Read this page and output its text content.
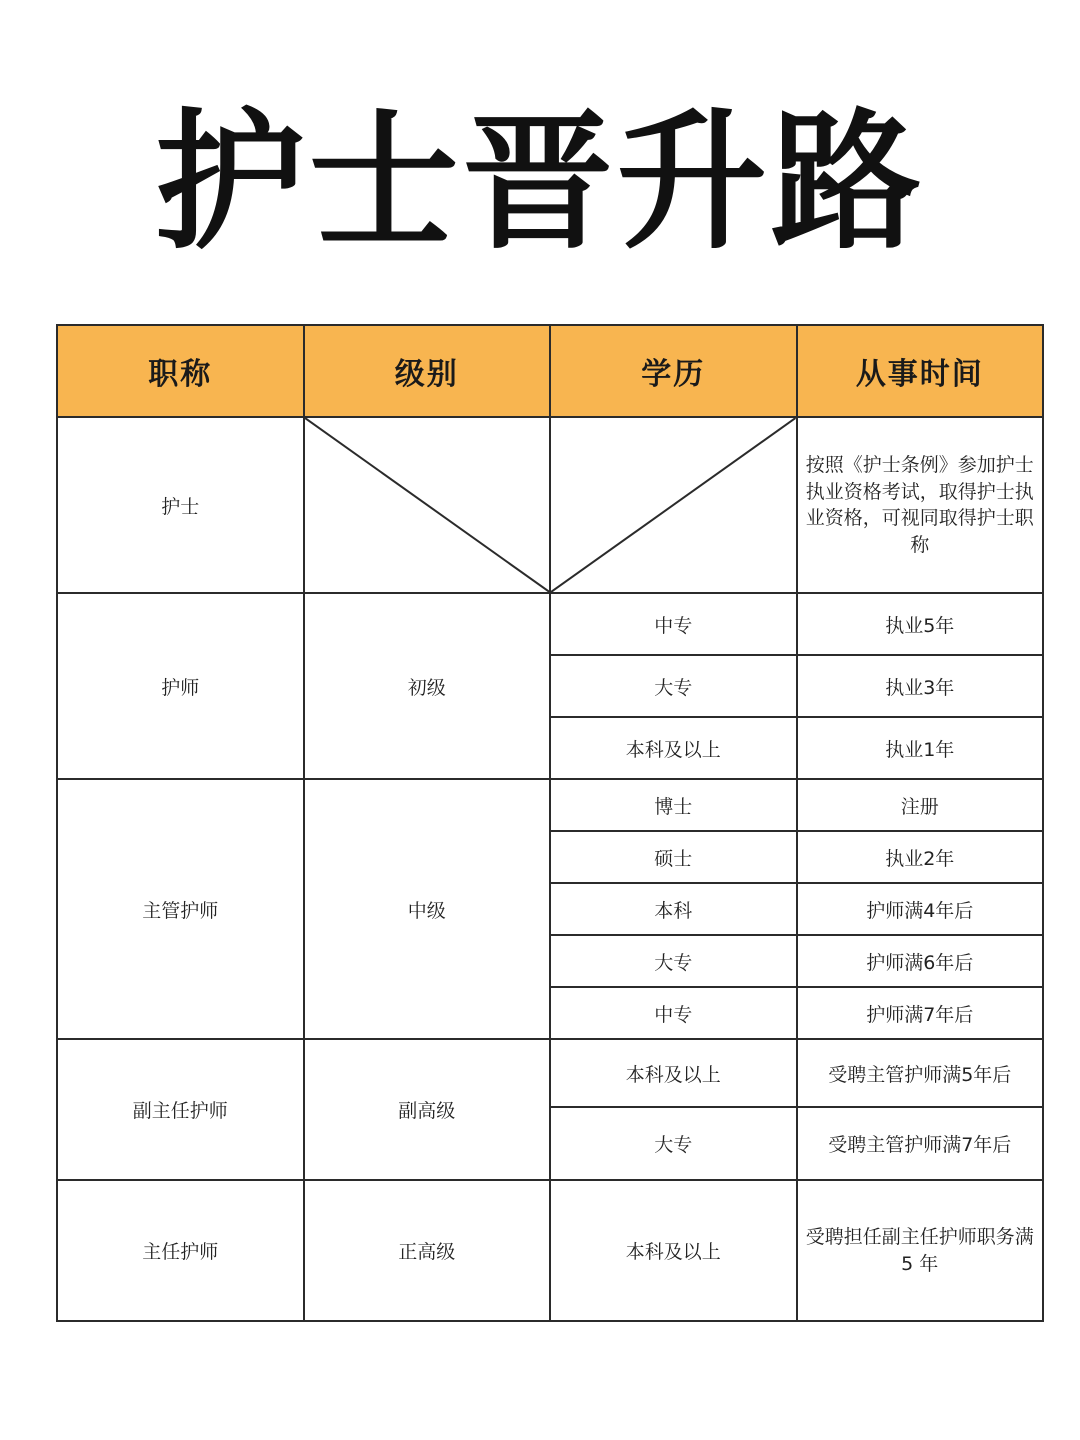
护士晋升路
职称	级别	学历	从事时间
护士			按照《护士条例》参加护士执业资格考试，取得护士执业资格，可视同取得护士职称
护师	初级	中专	执业5年
		大专	执业3年
		本科及以上	执业1年
主管护师	中级	博士	注册
		硕士	执业2年
		本科	护师满4年后
		大专	护师满6年后
		中专	护师满7年后
副主任护师	副高级	本科及以上	受聘主管护师满5年后
		大专	受聘主管护师满7年后
主任护师	正高级	本科及以上	受聘担任副主任护师职务满 5 年
